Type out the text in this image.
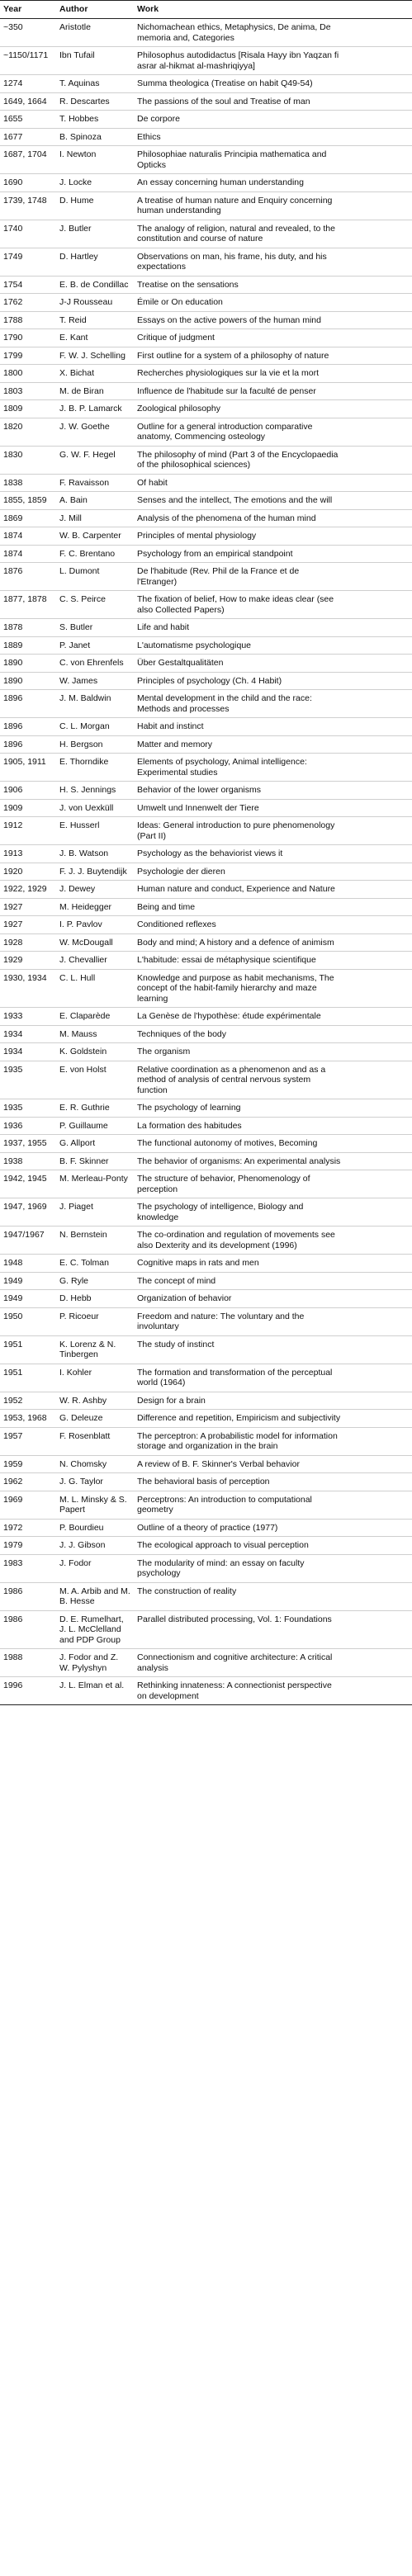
Year	Author	Work
~350	Aristotle	Nichomachean ethics, Metaphysics, De anima, De memoria and, Categories
~1150/1171	Ibn Tufail	Philosophus autodidactus [Risala Hayy ibn Yaqzan fi asrar al-hikmat al-mashriqiyya]
1274	T. Aquinas	Summa theologica (Treatise on habit Q49-54)
1649, 1664	R. Descartes	The passions of the soul and Treatise of man
1655	T. Hobbes	De corpore
1677	B. Spinoza	Ethics
1687, 1704	I. Newton	Philosophiae naturalis Principia mathematica and Opticks
1690	J. Locke	An essay concerning human understanding
1739, 1748	D. Hume	A treatise of human nature and Enquiry concerning human understanding
1740	J. Butler	The analogy of religion, natural and revealed, to the constitution and course of nature
1749	D. Hartley	Observations on man, his frame, his duty, and his expectations
1754	E. B. de Condillac	Treatise on the sensations
1762	J-J Rousseau	Émile or On education
1788	T. Reid	Essays on the active powers of the human mind
1790	E. Kant	Critique of judgment
1799	F. W. J. Schelling	First outline for a system of a philosophy of nature
1800	X. Bichat	Recherches physiologiques sur la vie et la mort
1803	M. de Biran	Influence de l'habitude sur la faculté de penser
1809	J. B. P. Lamarck	Zoological philosophy
1820	J. W. Goethe	Outline for a general introduction comparative anatomy, Commencing osteology
1830	G. W. F. Hegel	The philosophy of mind (Part 3 of the Encyclopaedia of the philosophical sciences)
1838	F. Ravaisson	Of habit
1855, 1859	A. Bain	Senses and the intellect, The emotions and the will
1869	J. Mill	Analysis of the phenomena of the human mind
1874	W. B. Carpenter	Principles of mental physiology
1874	F. C. Brentano	Psychology from an empirical standpoint
1876	L. Dumont	De l'habitude (Rev. Phil de la France et de l'Etranger)
1877, 1878	C. S. Peirce	The fixation of belief, How to make ideas clear (see also Collected Papers)
1878	S. Butler	Life and habit
1889	P. Janet	L'automatisme psychologique
1890	C. von Ehrenfels	Über Gestaltqualitäten
1890	W. James	Principles of psychology (Ch. 4 Habit)
1896	J. M. Baldwin	Mental development in the child and the race: Methods and processes
1896	C. L. Morgan	Habit and instinct
1896	H. Bergson	Matter and memory
1905, 1911	E. Thorndike	Elements of psychology, Animal intelligence: Experimental studies
1906	H. S. Jennings	Behavior of the lower organisms
1909	J. von Uexküll	Umwelt und Innenwelt der Tiere
1912	E. Husserl	Ideas: General introduction to pure phenomenology (Part II)
1913	J. B. Watson	Psychology as the behaviorist views it
1920	F. J. J. Buytendijk	Psychologie der dieren
1922, 1929	J. Dewey	Human nature and conduct, Experience and Nature
1927	M. Heidegger	Being and time
1927	I. P. Pavlov	Conditioned reflexes
1928	W. McDougall	Body and mind; A history and a defence of animism
1929	J. Chevallier	L'habitude: essai de métaphysique scientifique
1930, 1934	C. L. Hull	Knowledge and purpose as habit mechanisms, The concept of the habit-family hierarchy and maze learning
1933	E. Claparède	La Genèse de l'hypothèse: étude expérimentale
1934	M. Mauss	Techniques of the body
1934	K. Goldstein	The organism
1935	E. von Holst	Relative coordination as a phenomenon and as a method of analysis of central nervous system function
1935	E. R. Guthrie	The psychology of learning
1936	P. Guillaume	La formation des habitudes
1937, 1955	G. Allport	The functional autonomy of motives, Becoming
1938	B. F. Skinner	The behavior of organisms: An experimental analysis
1942, 1945	M. Merleau-Ponty	The structure of behavior, Phenomenology of perception
1947, 1969	J. Piaget	The psychology of intelligence, Biology and knowledge
1947/1967	N. Bernstein	The co-ordination and regulation of movements see also Dexterity and its development (1996)
1948	E. C. Tolman	Cognitive maps in rats and men
1949	G. Ryle	The concept of mind
1949	D. Hebb	Organization of behavior
1950	P. Ricoeur	Freedom and nature: The voluntary and the involuntary
1951	K. Lorenz & N. Tinbergen	The study of instinct
1951	I. Kohler	The formation and transformation of the perceptual world (1964)
1952	W. R. Ashby	Design for a brain
1953, 1968	G. Deleuze	Difference and repetition, Empiricism and subjectivity
1957	F. Rosenblatt	The perceptron: A probabilistic model for information storage and organization in the brain
1959	N. Chomsky	A review of B. F. Skinner's Verbal behavior
1962	J. G. Taylor	The behavioral basis of perception
1969	M. L. Minsky & S. Papert	Perceptrons: An introduction to computational geometry
1972	P. Bourdieu	Outline of a theory of practice (1977)
1979	J. J. Gibson	The ecological approach to visual perception
1983	J. Fodor	The modularity of mind: an essay on faculty psychology
1986	M. A. Arbib and M. B. Hesse	The construction of reality
1986	D. E. Rumelhart, J. L. McClelland and PDP Group	Parallel distributed processing, Vol. 1: Foundations
1988	J. Fodor and Z. W. Pylyshyn	Connectionism and cognitive architecture: A critical analysis
1996	J. L. Elman et al.	Rethinking innateness: A connectionist perspective on development
